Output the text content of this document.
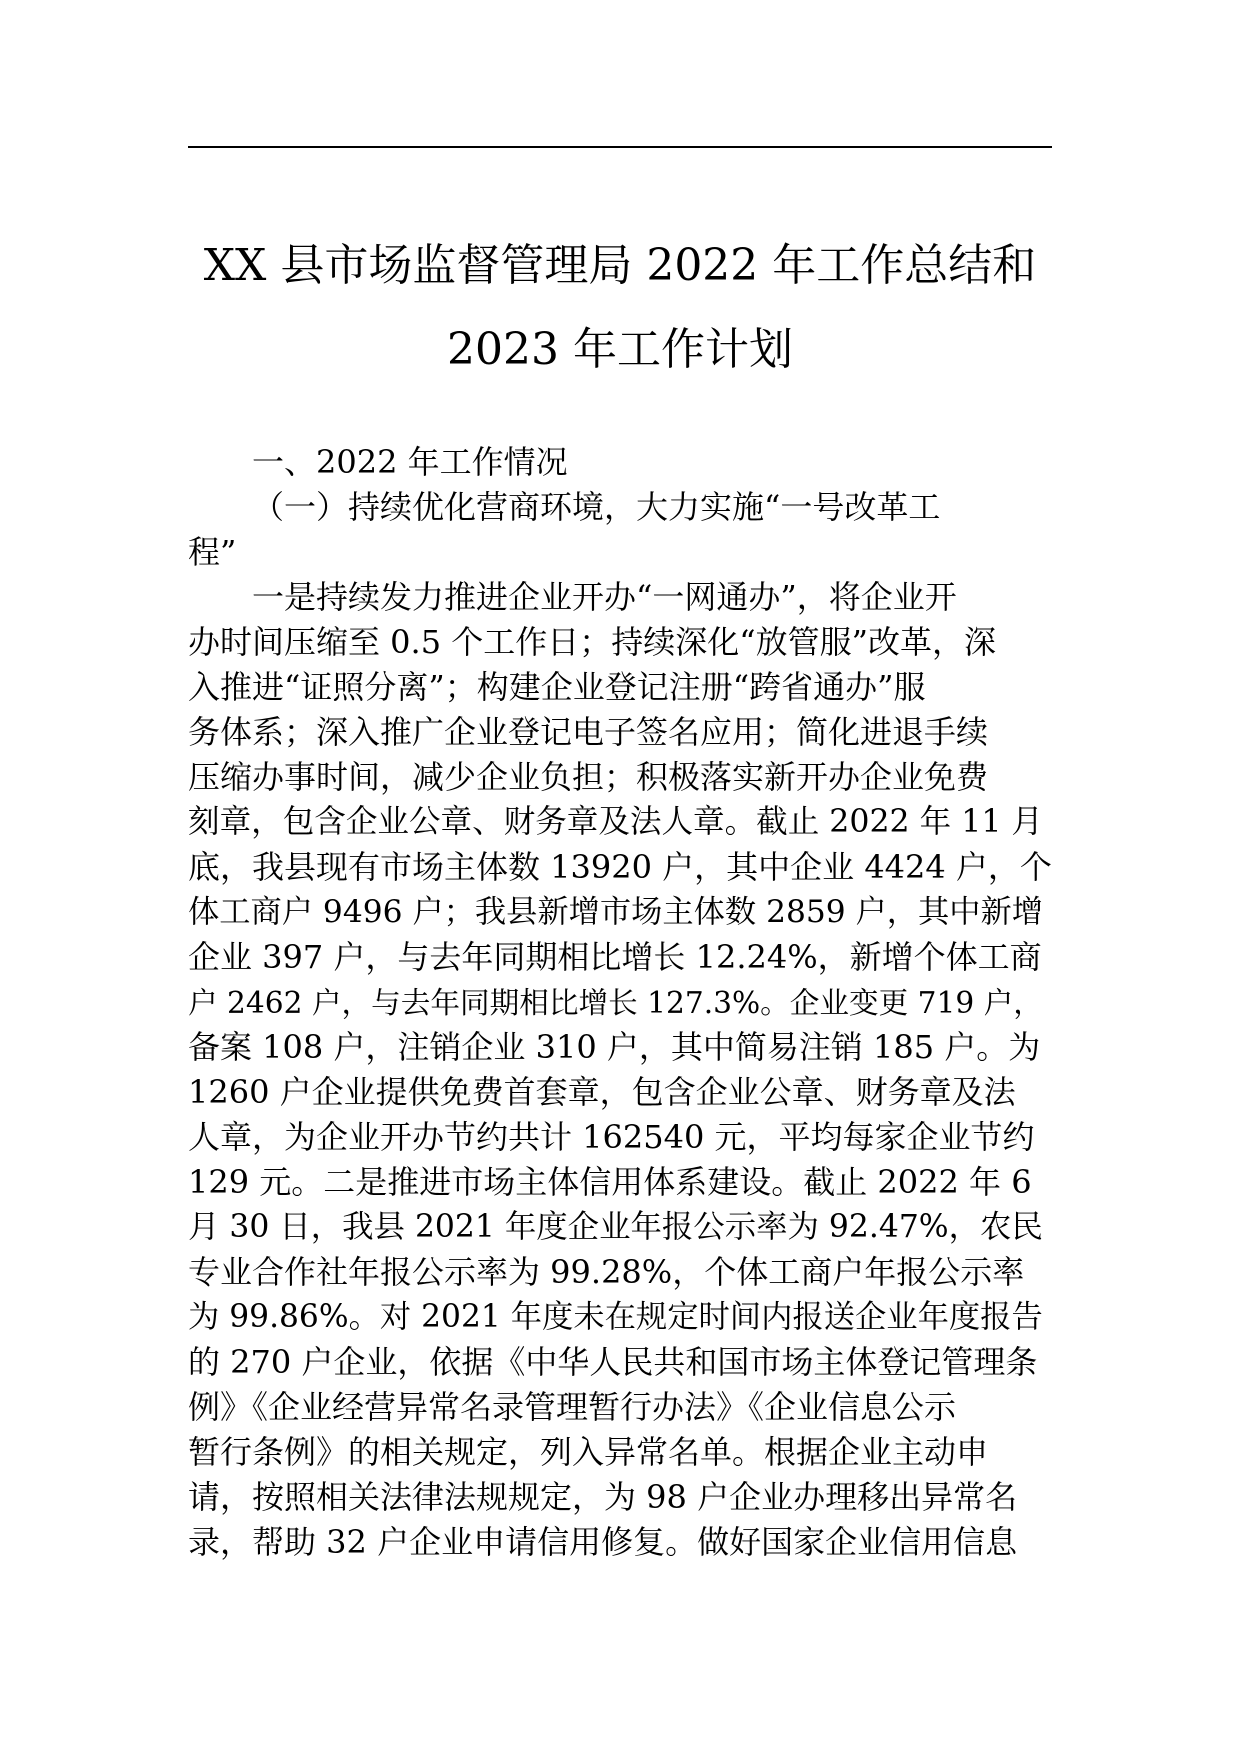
XX 县市场监督管理局 2022 年工作总结和
2023 年工作计划
一、2022 年工作情况
（一）持续优化营商环境，大力实施“一号改革工
程”
一是持续发力推进企业开办“一网通办”，将企业开
办时间压缩至 0.5 个工作日；持续深化“放管服”改革，深
入推进“证照分离”；构建企业登记注册“跨省通办”服
务体系；深入推广企业登记电子签名应用；简化进退手续
压缩办事时间，减少企业负担；积极落实新开办企业免费
刻章，包含企业公章、财务章及法人章。截止 2022 年 11 月
底，我县现有市场主体数 13920 户，其中企业 4424 户，个
体工商户 9496 户；我县新增市场主体数 2859 户，其中新增
企业 397 户，与去年同期相比增长 12.24%，新增个体工商
户 2462 户，与去年同期相比增长 127.3%。企业变更 719 户，
备案 108 户，注销企业 310 户，其中简易注销 185 户。为
1260 户企业提供免费首套章，包含企业公章、财务章及法
人章，为企业开办节约共计 162540 元，平均每家企业节约
129 元。二是推进市场主体信用体系建设。截止 2022 年 6
月 30 日，我县 2021 年度企业年报公示率为 92.47%，农民
专业合作社年报公示率为 99.28%，个体工商户年报公示率
为 99.86%。对 2021 年度未在规定时间内报送企业年度报告
的 270 户企业，依据《中华人民共和国市场主体登记管理条
例》《企业经营异常名录管理暂行办法》《企业信息公示
暂行条例》的相关规定，列入异常名单。根据企业主动申
请，按照相关法律法规规定，为 98 户企业办理移出异常名
录，帮助 32 户企业申请信用修复。做好国家企业信用信息
